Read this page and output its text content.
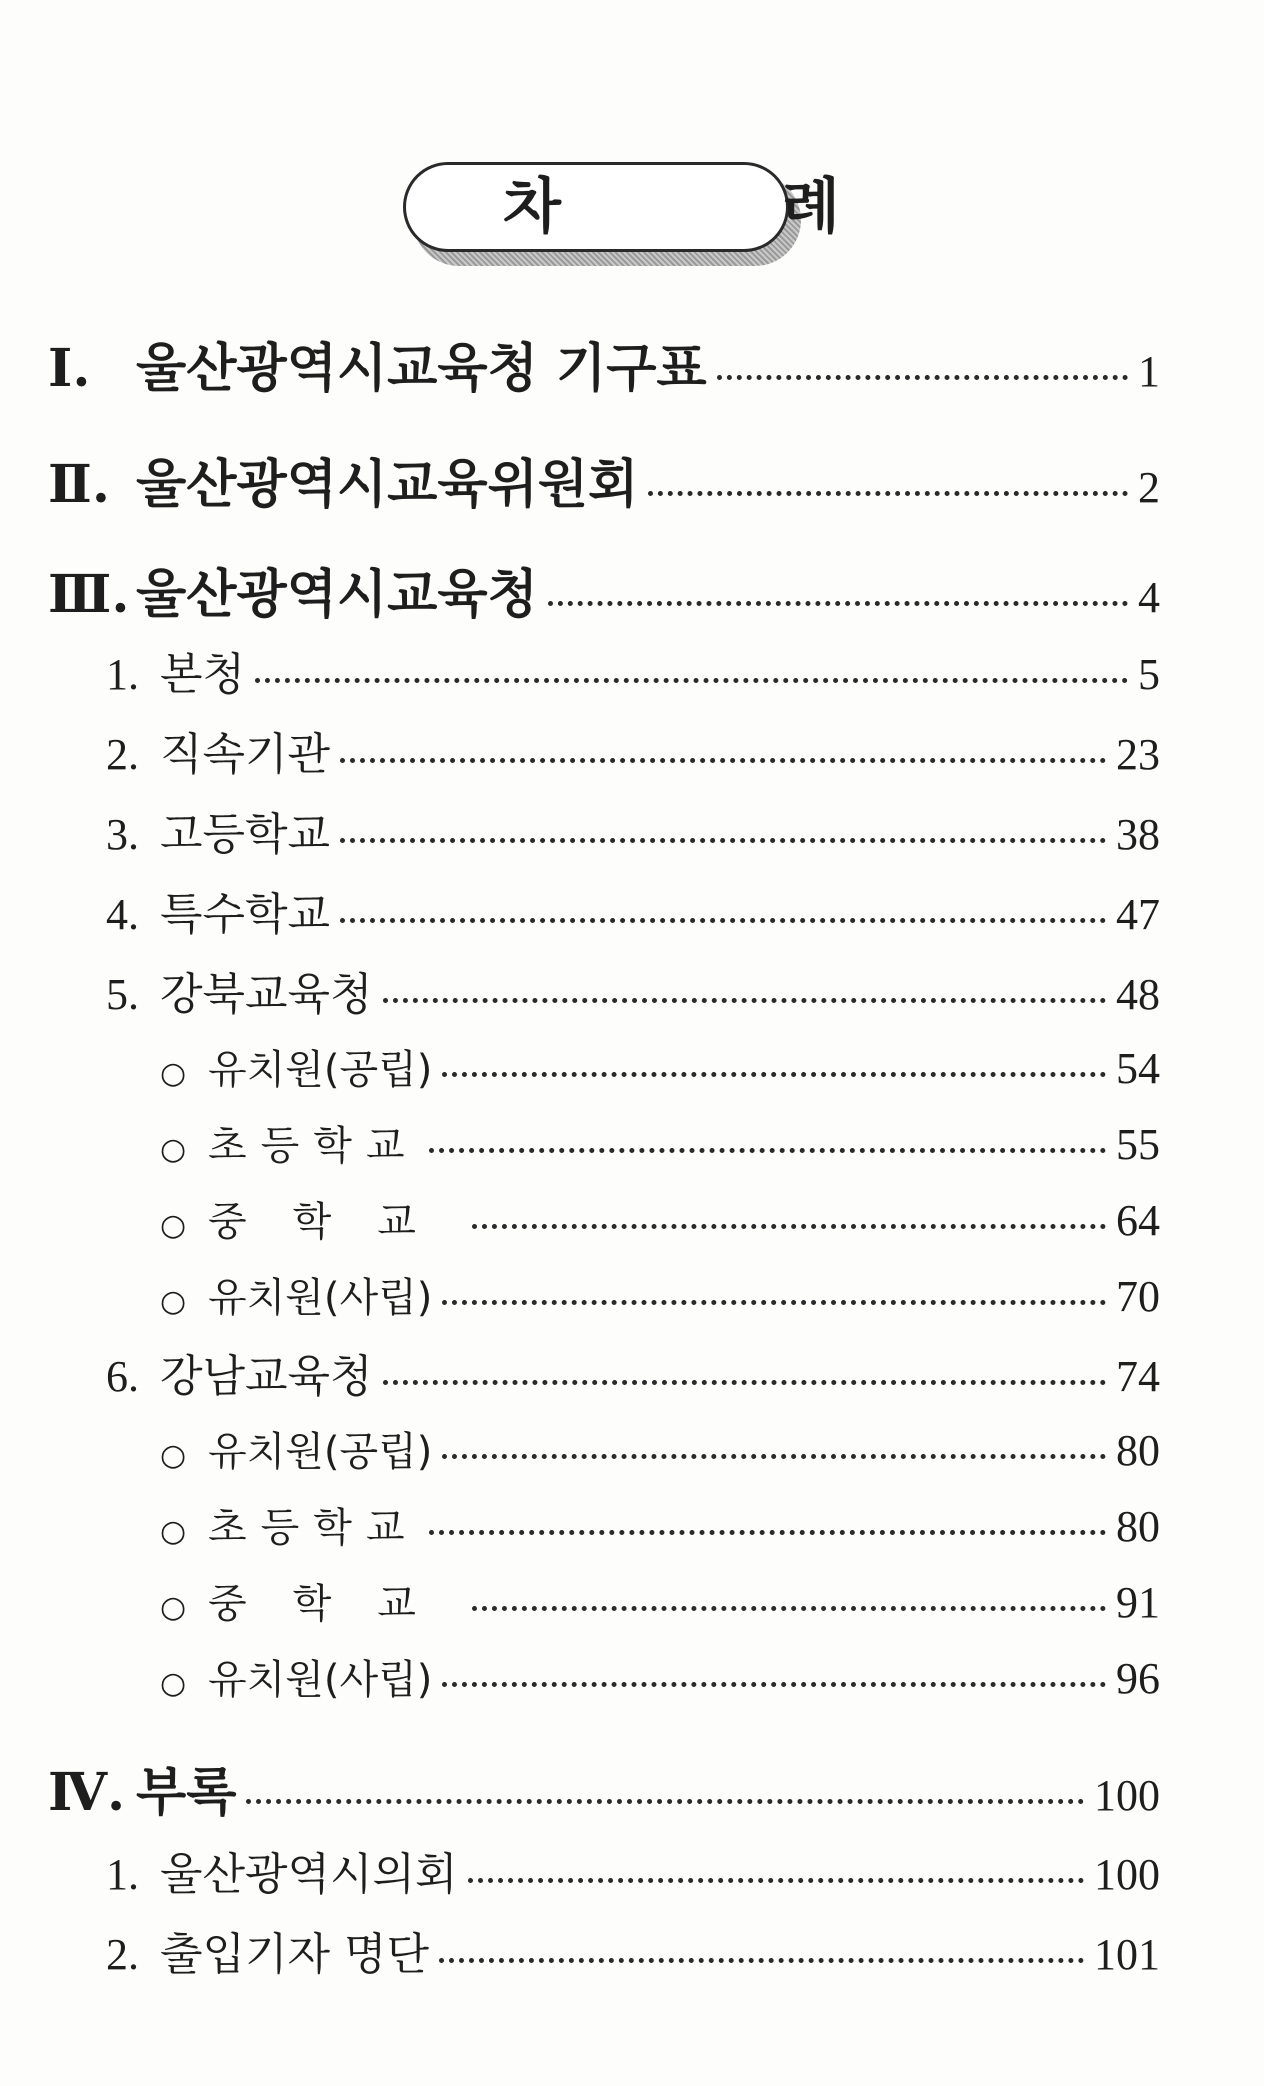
차 례
Ⅰ. 울산광역시교육청 기구표	1
Ⅱ. 울산광역시교육위원회	2
Ⅲ. 울산광역시교육청	4
1. 본청	5
2. 직속기관	23
3. 고등학교	38
4. 특수학교	47
5. 강북교육청	48
○ 유치원(공립)	54
○ 초등학교	55
○ 중학교	64
○ 유치원(사립)	70
6. 강남교육청	74
○ 유치원(공립)	80
○ 초등학교	80
○ 중학교	91
○ 유치원(사립)	96
Ⅳ. 부록	100
1. 울산광역시의회	100
2. 출입기자 명단	101
